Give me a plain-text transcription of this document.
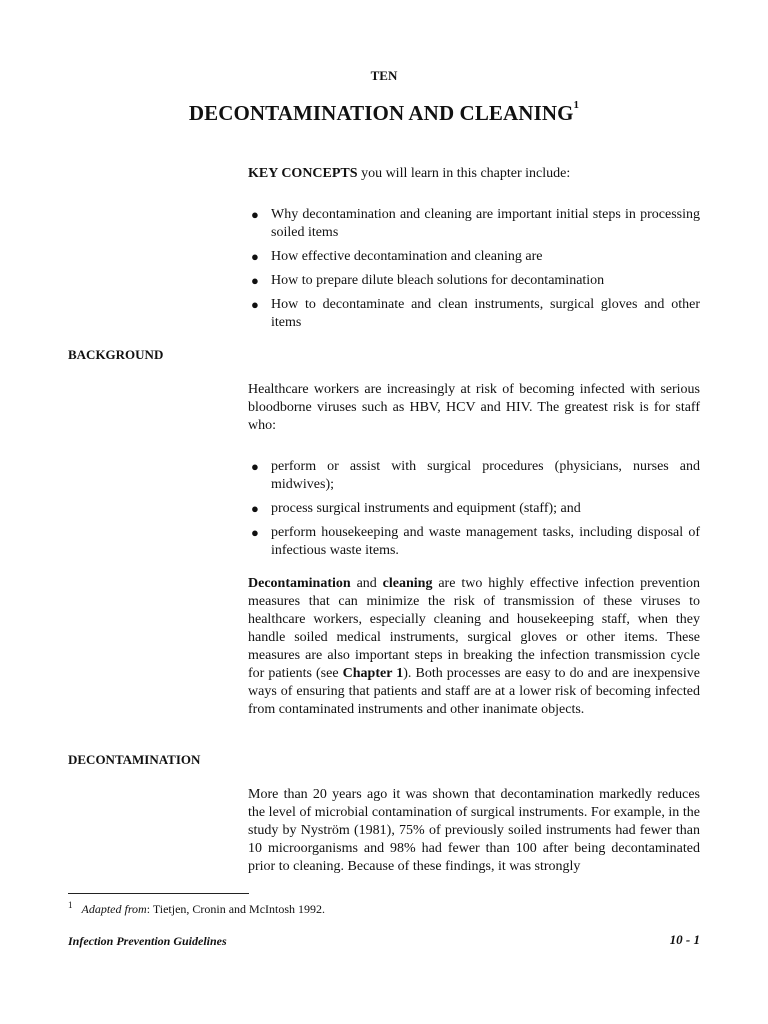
TEN
DECONTAMINATION AND CLEANING$^1$
KEY CONCEPTS you will learn in this chapter include:
● Why decontamination and cleaning are important initial steps in processing soiled items
● How effective decontamination and cleaning are
● How to prepare dilute bleach solutions for decontamination
● How to decontaminate and clean instruments, surgical gloves and other items
BACKGROUND
Healthcare workers are increasingly at risk of becoming infected with serious bloodborne viruses such as HBV, HCV and HIV. The greatest risk is for staff who:
● perform or assist with surgical procedures (physicians, nurses and midwives);
● process surgical instruments and equipment (staff); and
● perform housekeeping and waste management tasks, including disposal of infectious waste items.
Decontamination and cleaning are two highly effective infection prevention measures that can minimize the risk of transmission of these viruses to healthcare workers, especially cleaning and housekeeping staff, when they handle soiled medical instruments, surgical gloves or other items. These measures are also important steps in breaking the infection transmission cycle for patients (see Chapter 1). Both processes are easy to do and are inexpensive ways of ensuring that patients and staff are at a lower risk of becoming infected from contaminated instruments and other inanimate objects.
DECONTAMINATION
More than 20 years ago it was shown that decontamination markedly reduces the level of microbial contamination of surgical instruments. For example, in the study by Nyström (1981), 75% of previously soiled instruments had fewer than 10 microorganisms and 98% had fewer than 100 after being decontaminated prior to cleaning. Because of these findings, it was strongly
$^1$ Adapted from: Tietjen, Cronin and McIntosh 1992.
Infection Prevention Guidelines	10 - 1
